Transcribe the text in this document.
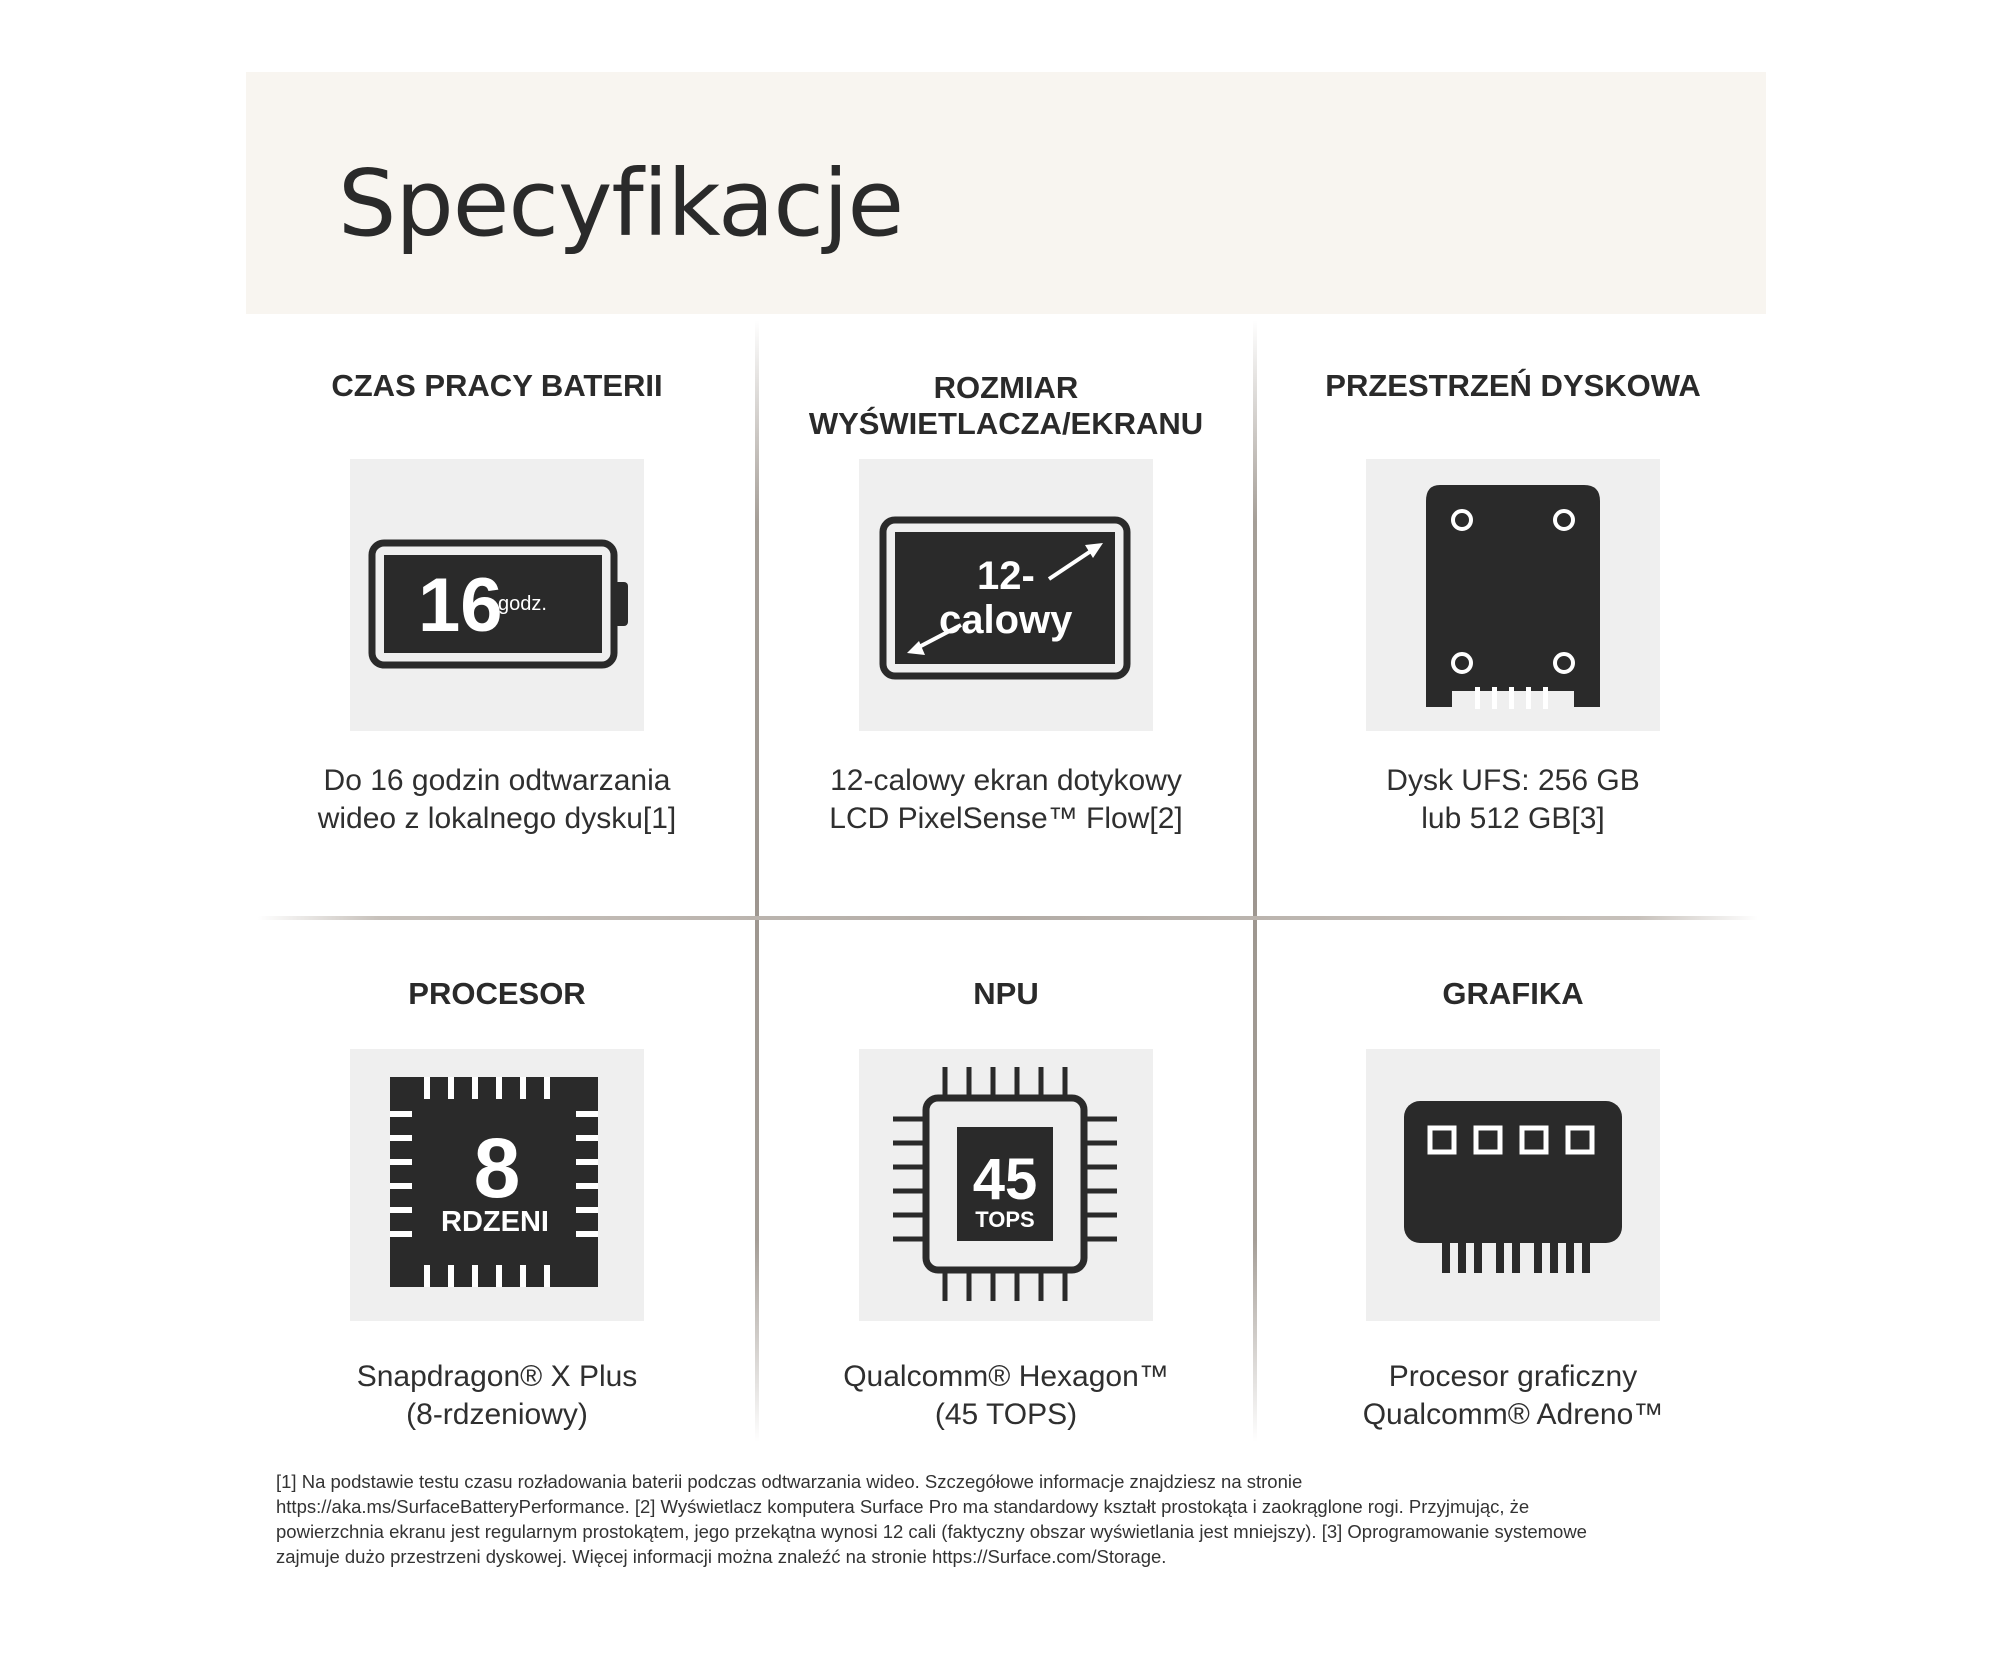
Specyfikacje

CZAS PRACY BATERII

16
godz.
Do 16 godzin odtwarzania
wideo z lokalnego dysku[1]

ROZMIAR
WYŚWIETLACZA/EKRANU

12-
calowy
12-calowy ekran dotykowy
LCD PixelSense™ Flow[2]

PRZESTRZEŃ DYSKOWA

Dysk UFS: 256 GB
lub 512 GB[3]

PROCESOR

8
RDZENI
Snapdragon® X Plus
(8-rdzeniowy)

NPU

45
TOPS
Qualcomm® Hexagon™
(45 TOPS)

GRAFIKA

Procesor graficzny
Qualcomm® Adreno™
[1] Na podstawie testu czasu rozładowania baterii podczas odtwarzania wideo. Szczegółowe informacje znajdziesz na stronie
https://aka.ms/SurfaceBatteryPerformance. [2] Wyświetlacz komputera Surface Pro ma standardowy kształt prostokąta i zaokrąglone rogi. Przyjmując, że
powierzchnia ekranu jest regularnym prostokątem, jego przekątna wynosi 12 cali (faktyczny obszar wyświetlania jest mniejszy). [3] Oprogramowanie systemowe
zajmuje dużo przestrzeni dyskowej. Więcej informacji można znaleźć na stronie https://Surface.com/Storage.
